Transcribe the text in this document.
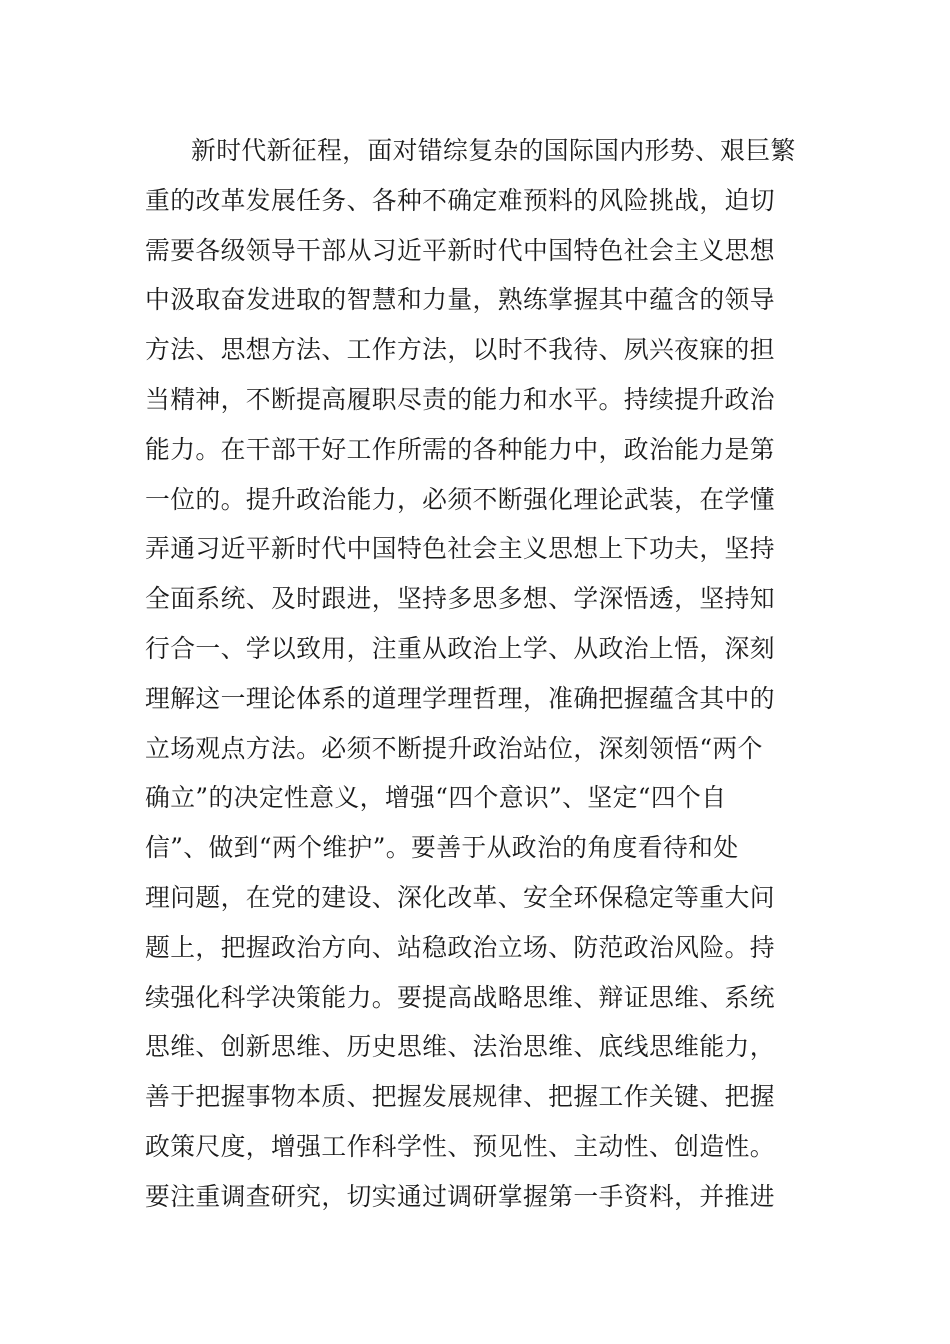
新时代新征程，面对错综复杂的国际国内形势、艰巨繁
重的改革发展任务、各种不确定难预料的风险挑战，迫切
需要各级领导干部从习近平新时代中国特色社会主义思想
中汲取奋发进取的智慧和力量，熟练掌握其中蕴含的领导
方法、思想方法、工作方法，以时不我待、夙兴夜寐的担
当精神，不断提高履职尽责的能力和水平。持续提升政治
能力。在干部干好工作所需的各种能力中，政治能力是第
一位的。提升政治能力，必须不断强化理论武装，在学懂
弄通习近平新时代中国特色社会主义思想上下功夫，坚持
全面系统、及时跟进，坚持多思多想、学深悟透，坚持知
行合一、学以致用，注重从政治上学、从政治上悟，深刻
理解这一理论体系的道理学理哲理，准确把握蕴含其中的
立场观点方法。必须不断提升政治站位，深刻领悟“两个
确立”的决定性意义，增强“四个意识”、坚定“四个自
信”、做到“两个维护”。要善于从政治的角度看待和处
理问题，在党的建设、深化改革、安全环保稳定等重大问
题上，把握政治方向、站稳政治立场、防范政治风险。持
续强化科学决策能力。要提高战略思维、辩证思维、系统
思维、创新思维、历史思维、法治思维、底线思维能力，
善于把握事物本质、把握发展规律、把握工作关键、把握
政策尺度，增强工作科学性、预见性、主动性、创造性。
要注重调查研究，切实通过调研掌握第一手资料，并推进
